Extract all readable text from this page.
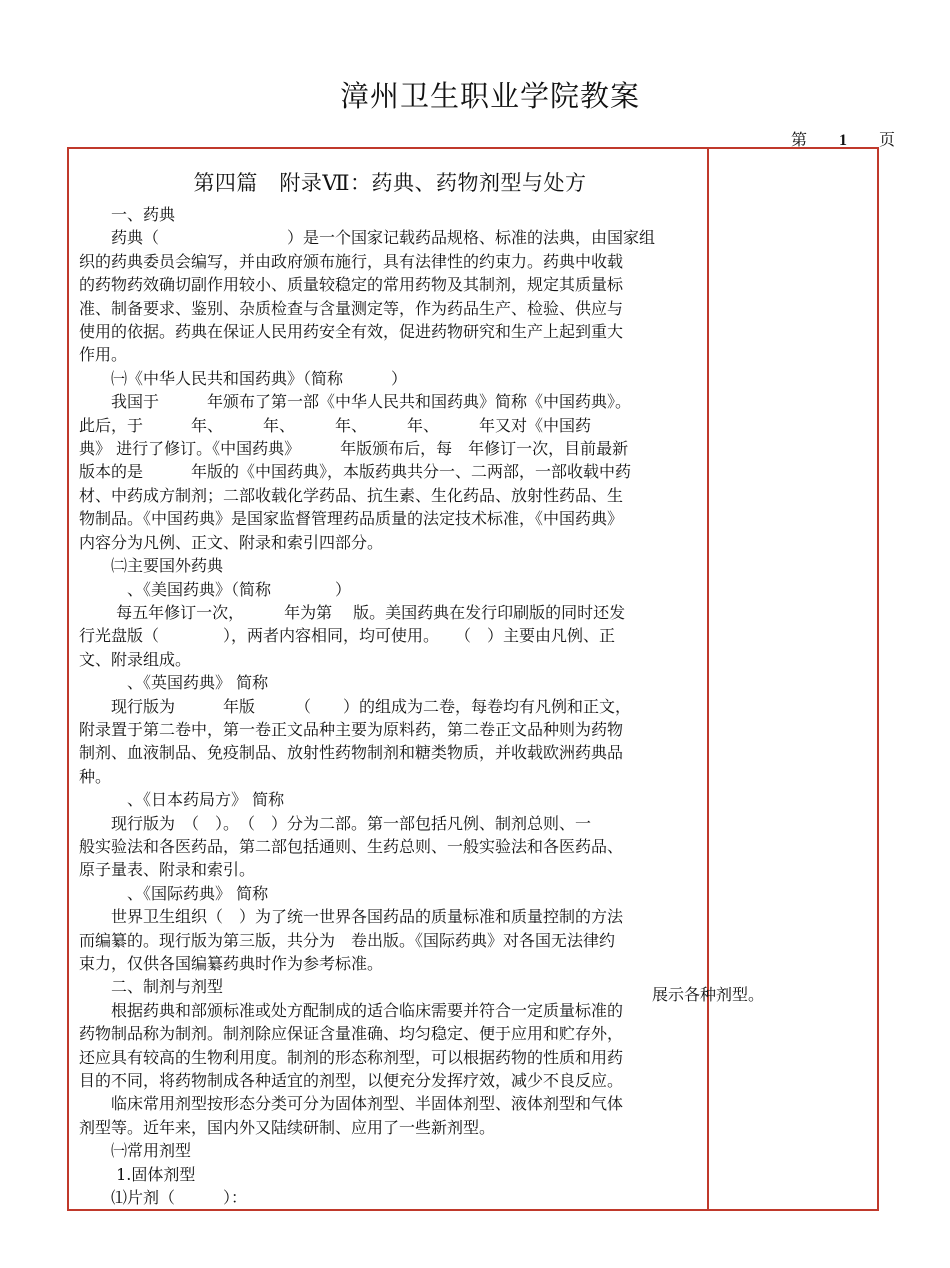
漳州卫生职业学院教案
第　　 1　　 页
第四篇　附录Ⅶ：药典、药物剂型与处方
　　一、药典
　　药典（　　　　　　　　）是一个国家记载药品规格、标准的法典，由国家组
织的药典委员会编写，并由政府颁布施行，具有法律性的约束力。药典中收载
的药物药效确切副作用较小、质量较稳定的常用药物及其制剂，规定其质量标
准、制备要求、鉴别、杂质检查与含量测定等，作为药品生产、检验、供应与
使用的依据。药典在保证人民用药安全有效，促进药物研究和生产上起到重大
作用。
　　㈠《中华人民共和国药典》（简称　　　）
　　我国于　　　年颁布了第一部《中华人民共和国药典》简称《中国药典》。
此后，于　　　年、　　　年、　　　年、　　　年、　　　年又对《中国药
典》 进行了修订。《中国药典》　　　年版颁布后，每　年修订一次，目前最新
版本的是　　　年版的《中国药典》，本版药典共分一、二两部，一部收载中药
材、中药成方制剂；二部收载化学药品、抗生素、生化药品、放射性药品、生
物制品。《中国药典》是国家监督管理药品质量的法定技术标准，《中国药典》
内容分为凡例、正文、附录和索引四部分。
　　㈡主要国外药典
　　　、《美国药典》（简称　　　　）
　　 每五年修订一次，　　　年为第　 版。美国药典在发行印刷版的同时还发
行光盘版（　　　　），两者内容相同，均可使用。　　（　）主要由凡例、正
文、附录组成。
　　　、《英国药典》 简称
　　现行版为　　　年版　　　（　　）的组成为二卷，每卷均有凡例和正文，
附录置于第二卷中，第一卷正文品种主要为原料药，第二卷正文品种则为药物
制剂、血液制品、免疫制品、放射性药物制剂和糖类物质，并收载欧洲药典品
种。
　　　、《日本药局方》 简称
　　现行版为　（　）。　（　）分为二部。第一部包括凡例、制剂总则、一
般实验法和各医药品，第二部包括通则、生药总则、一般实验法和各医药品、
原子量表、附录和索引。
　　　、《国际药典》 简称
　　世界卫生组织（　）为了统一世界各国药品的质量标准和质量控制的方法
而编纂的。现行版为第三版，共分为　卷出版。《国际药典》对各国无法律约
束力，仅供各国编纂药典时作为参考标准。
　　二、制剂与剂型
　　根据药典和部颁标准或处方配制成的适合临床需要并符合一定质量标准的
药物制品称为制剂。制剂除应保证含量准确、均匀稳定、便于应用和贮存外，
还应具有较高的生物利用度。制剂的形态称剂型，可以根据药物的性质和用药
目的不同，将药物制成各种适宜的剂型，以便充分发挥疗效，减少不良反应。
　　临床常用剂型按形态分类可分为固体剂型、半固体剂型、液体剂型和气体
剂型等。近年来，国内外又陆续研制、应用了一些新剂型。
　　㈠常用剂型
　　 1.固体剂型
　　⑴片剂（　　　）：
展示各种剂型。
